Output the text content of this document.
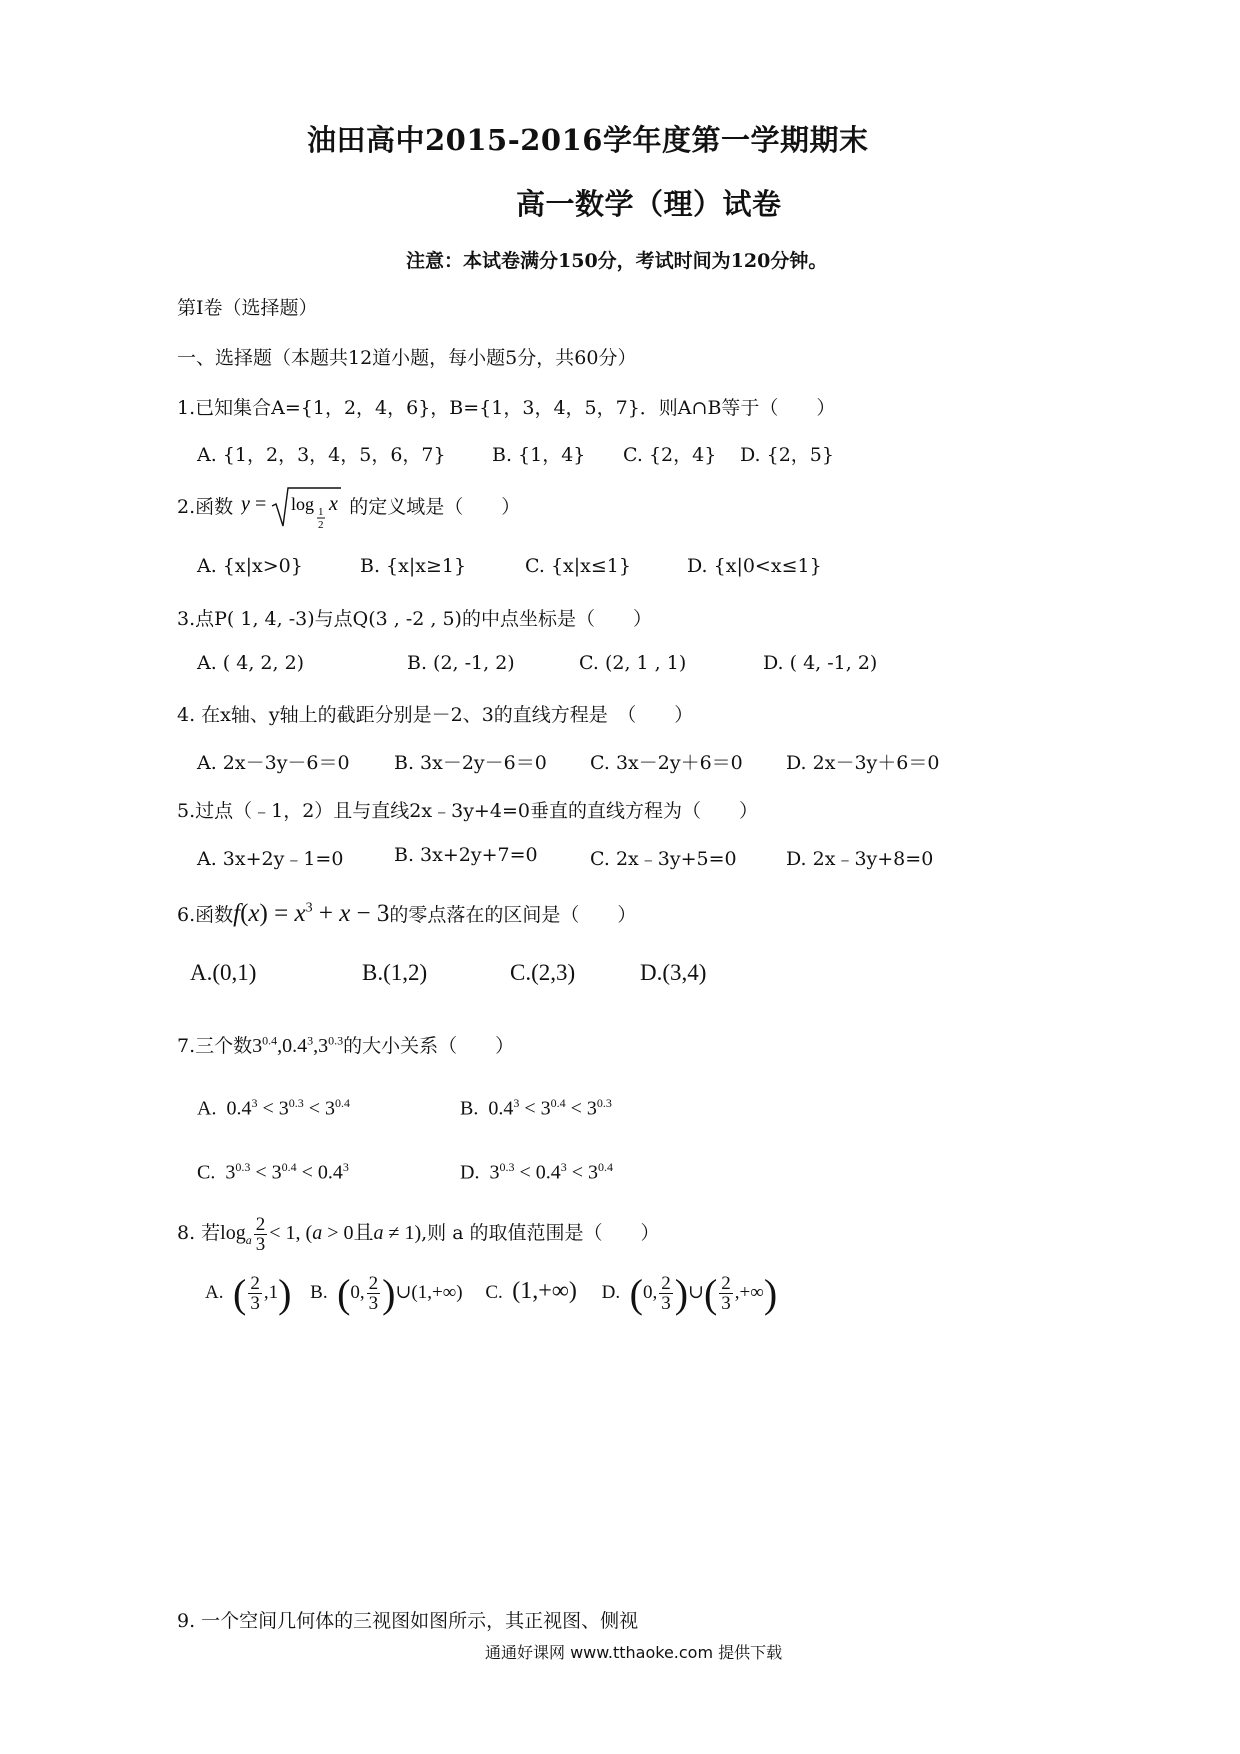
油田高中2015-2016学年度第一学期期末
高一数学（理）试卷
注意：本试卷满分150分，考试时间为120分钟。
第Ⅰ卷（选择题）
一、选择题（本题共12道小题，每小题5分，共60分）
1.已知集合A={1，2，4，6}，B={1，3，4，5，7}．则A∩B等于（　　）
A. {1，2，3，4，5，6，7} B. {1，4} C. {2，4} D. {2，5}
2.函数 y = log 1
2
x 的定义域是（　　）
A. {x|x>0}	B. {x|x≥1}	C. {x|x≤1}	D. {x|0<x≤1}
3.点P( 1, 4, -3)与点Q(3 , -2 , 5)的中点坐标是（　　）
A. ( 4, 2, 2)	B. (2, -1, 2)	C. (2, 1 , 1)	D. ( 4, -1, 2)
4. 在x轴、y轴上的截距分别是－2、3的直线方程是　（　　）
A. 2x－3y－6＝0 B. 3x－2y－6＝0 C. 3x－2y＋6＝0 D. 2x－3y＋6＝0
5.过点（﹣1，2）且与直线2x﹣3y+4=0垂直的直线方程为（　　）
A. 3x+2y﹣1=0	B. 3x+2y+7=0	C. 2x﹣3y+5=0	D. 2x﹣3y+8=0
6.函数$f(x) = x^3 + x - 3$的零点落在的区间是（　　）
A.(0,1)	B.(1,2)	C.(2,3)	D.(3,4)
7.三个数$3^{0.4},0.4^3,3^{0.3}$的大小关系（　　）
A.  $0.4^3 < 3^{0.3} < 3^{0.4}$	B.  $0.4^3 < 3^{0.4} < 3^{0.3}$
C.  $3^{0.3} < 3^{0.4} < 0.4^3$	D.  $3^{0.3} < 0.4^3 < 3^{0.4}$
8. 若$\log_a \frac{2}{3} < 1$, (a > 0且a ≠ 1),则 a 的取值范围是（　　）
A.  ( $\frac{2}{3} ,1$) B.  (0, $\frac{2}{3}$ )∪(1,+∞) C.  (1,+∞) D.  (0, $\frac{2}{3}$ )∪( $\frac{2}{3}$ ,+∞)
9. 一个空间几何体的三视图如图所示，其正视图、侧视
通通好课网 www.tthaoke.com 提供下载
